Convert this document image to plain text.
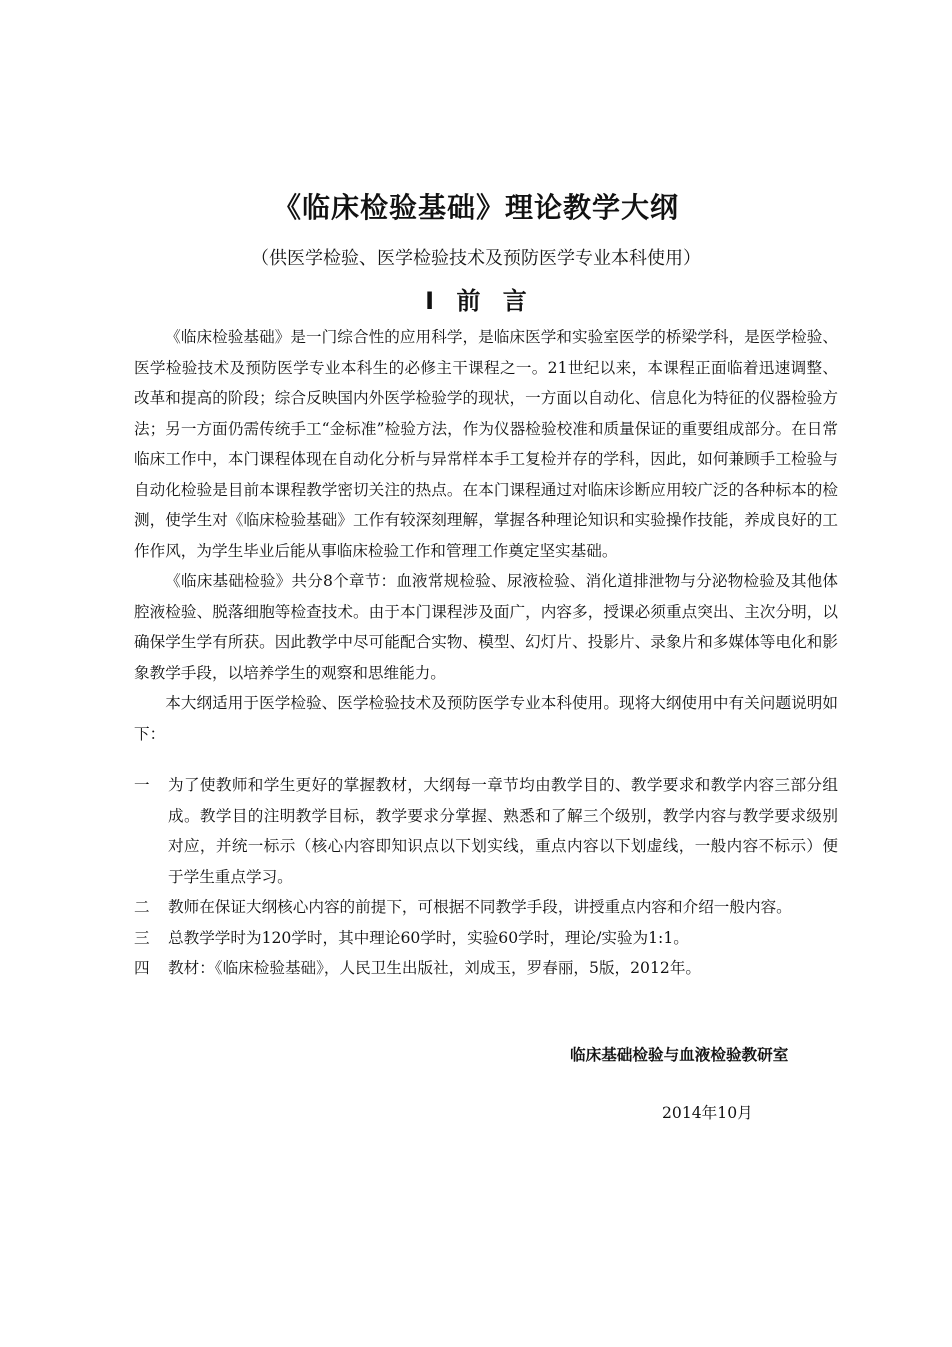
《临床检验基础》理论教学大纲

（供医学检验、医学检验技术及预防医学专业本科使用）

Ⅰ 前 言

《临床检验基础》是一门综合性的应用科学，是临床医学和实验室医学的桥梁学科，是医学检验、医学检验技术及预防医学专业本科生的必修主干课程之一。21世纪以来，本课程正面临着迅速调整、改革和提高的阶段；综合反映国内外医学检验学的现状，一方面以自动化、信息化为特征的仪器检验方法；另一方面仍需传统手工“金标准”检验方法，作为仪器检验校准和质量保证的重要组成部分。在日常临床工作中，本门课程体现在自动化分析与异常样本手工复检并存的学科，因此，如何兼顾手工检验与自动化检验是目前本课程教学密切关注的热点。在本门课程通过对临床诊断应用较广泛的各种标本的检测，使学生对《临床检验基础》工作有较深刻理解，掌握各种理论知识和实验操作技能，养成良好的工作作风，为学生毕业后能从事临床检验工作和管理工作奠定坚实基础。

《临床基础检验》共分8个章节：血液常规检验、尿液检验、消化道排泄物与分泌物检验及其他体腔液检验、脱落细胞等检查技术。由于本门课程涉及面广，内容多，授课必须重点突出、主次分明，以确保学生学有所获。因此教学中尽可能配合实物、模型、幻灯片、投影片、录象片和多媒体等电化和影象教学手段，以培养学生的观察和思维能力。

本大纲适用于医学检验、医学检验技术及预防医学专业本科使用。现将大纲使用中有关问题说明如下：

一	为了使教师和学生更好的掌握教材，大纲每一章节均由教学目的、教学要求和教学内容三部分组成。教学目的注明教学目标，教学要求分掌握、熟悉和了解三个级别，教学内容与教学要求级别对应，并统一标示（核心内容即知识点以下划实线，重点内容以下划虚线，一般内容不标示）便于学生重点学习。
二	教师在保证大纲核心内容的前提下，可根据不同教学手段，讲授重点内容和介绍一般内容。
三	总教学学时为120学时，其中理论60学时，实验60学时，理论/实验为1:1。
四	教材：《临床检验基础》，人民卫生出版社，刘成玉，罗春丽，5版，2012年。

临床基础检验与血液检验教研室

2014年10月
